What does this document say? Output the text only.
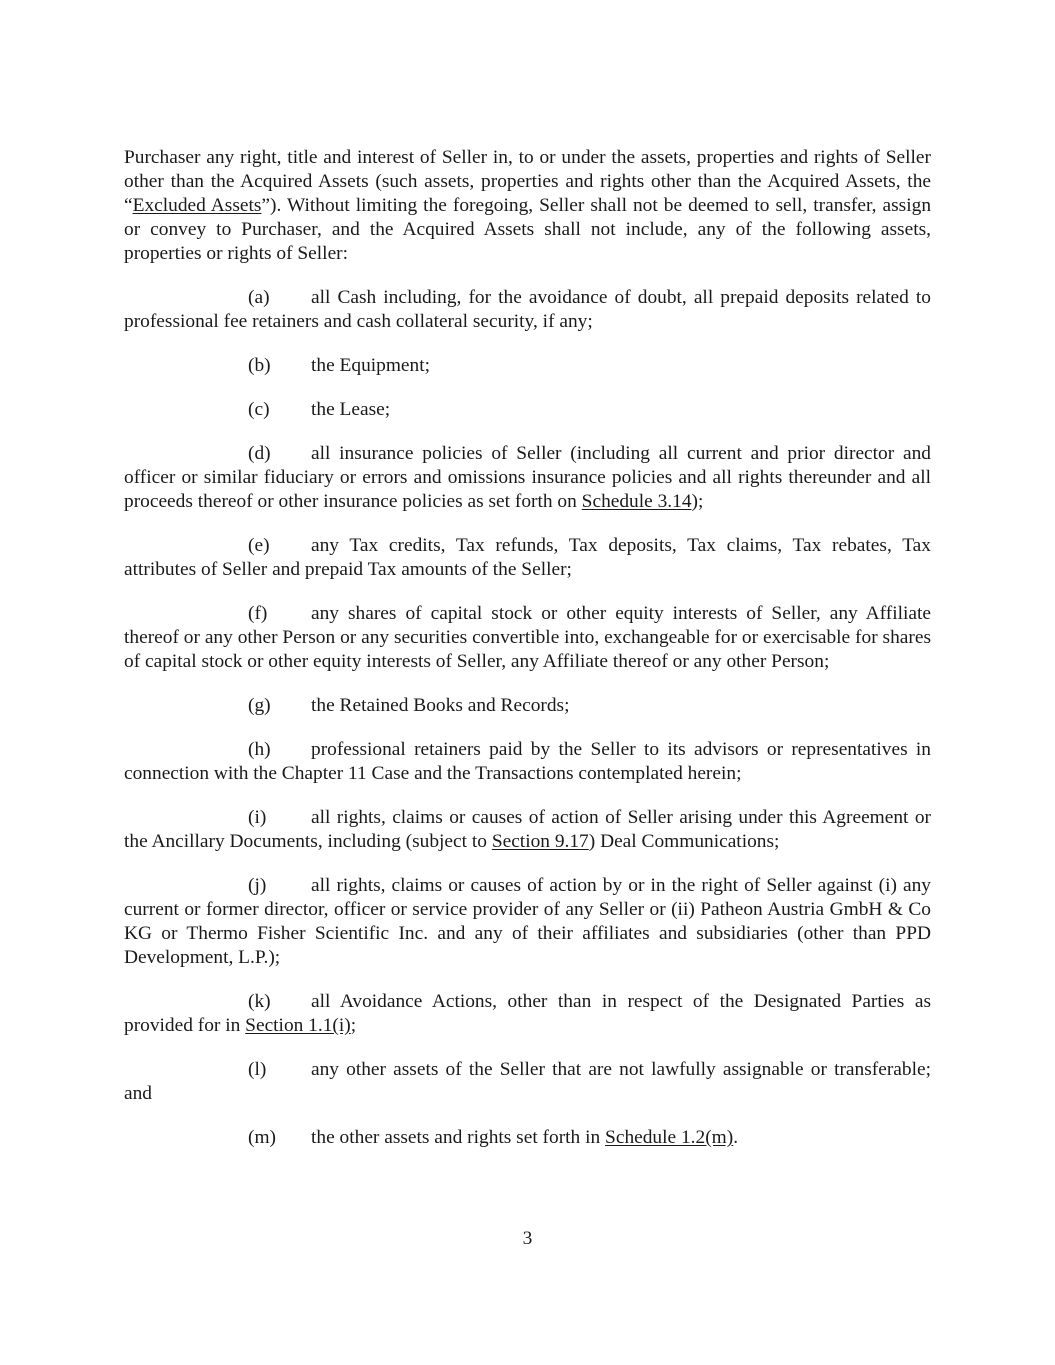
Purchaser any right, title and interest of Seller in, to or under the assets, properties and rights of Seller other than the Acquired Assets (such assets, properties and rights other than the Acquired Assets, the “Excluded Assets”). Without limiting the foregoing, Seller shall not be deemed to sell, transfer, assign or convey to Purchaser, and the Acquired Assets shall not include, any of the following assets, properties or rights of Seller:

(a) all Cash including, for the avoidance of doubt, all prepaid deposits related to professional fee retainers and cash collateral security, if any;

(b) the Equipment;

(c) the Lease;

(d) all insurance policies of Seller (including all current and prior director and officer or similar fiduciary or errors and omissions insurance policies and all rights thereunder and all proceeds thereof or other insurance policies as set forth on Schedule 3.14);

(e) any Tax credits, Tax refunds, Tax deposits, Tax claims, Tax rebates, Tax attributes of Seller and prepaid Tax amounts of the Seller;

(f) any shares of capital stock or other equity interests of Seller, any Affiliate thereof or any other Person or any securities convertible into, exchangeable for or exercisable for shares of capital stock or other equity interests of Seller, any Affiliate thereof or any other Person;

(g) the Retained Books and Records;

(h) professional retainers paid by the Seller to its advisors or representatives in connection with the Chapter 11 Case and the Transactions contemplated herein;

(i) all rights, claims or causes of action of Seller arising under this Agreement or the Ancillary Documents, including (subject to Section 9.17) Deal Communications;

(j) all rights, claims or causes of action by or in the right of Seller against (i) any current or former director, officer or service provider of any Seller or (ii) Patheon Austria GmbH & Co KG or Thermo Fisher Scientific Inc. and any of their affiliates and subsidiaries (other than PPD Development, L.P.);

(k) all Avoidance Actions, other than in respect of the Designated Parties as provided for in Section 1.1(i);

(l) any other assets of the Seller that are not lawfully assignable or transferable; and

(m) the other assets and rights set forth in Schedule 1.2(m).

3
